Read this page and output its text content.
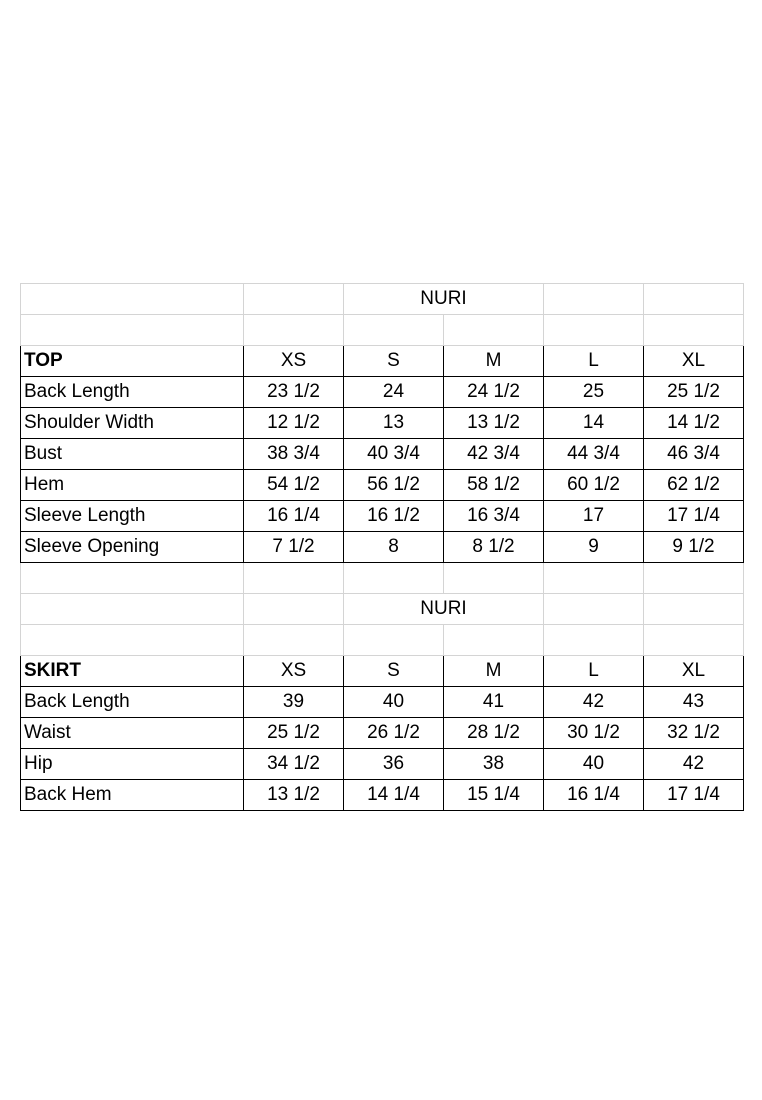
		NURI			

TOP	XS	S	M	L	XL
Back Length	23 1/2	24	24 1/2	25	25 1/2
Shoulder Width	12 1/2	13	13 1/2	14	14 1/2
Bust	38 3/4	40 3/4	42 3/4	44 3/4	46 3/4
Hem	54 1/2	56 1/2	58 1/2	60 1/2	62 1/2
Sleeve Length	16 1/4	16 1/2	16 3/4	17	17 1/4
Sleeve Opening	7 1/2	8	8 1/2	9	9 1/2

		NURI			

SKIRT	XS	S	M	L	XL
Back Length	39	40	41	42	43
Waist	25 1/2	26 1/2	28 1/2	30 1/2	32 1/2
Hip	34 1/2	36	38	40	42
Back Hem	13 1/2	14 1/4	15 1/4	16 1/4	17 1/4
